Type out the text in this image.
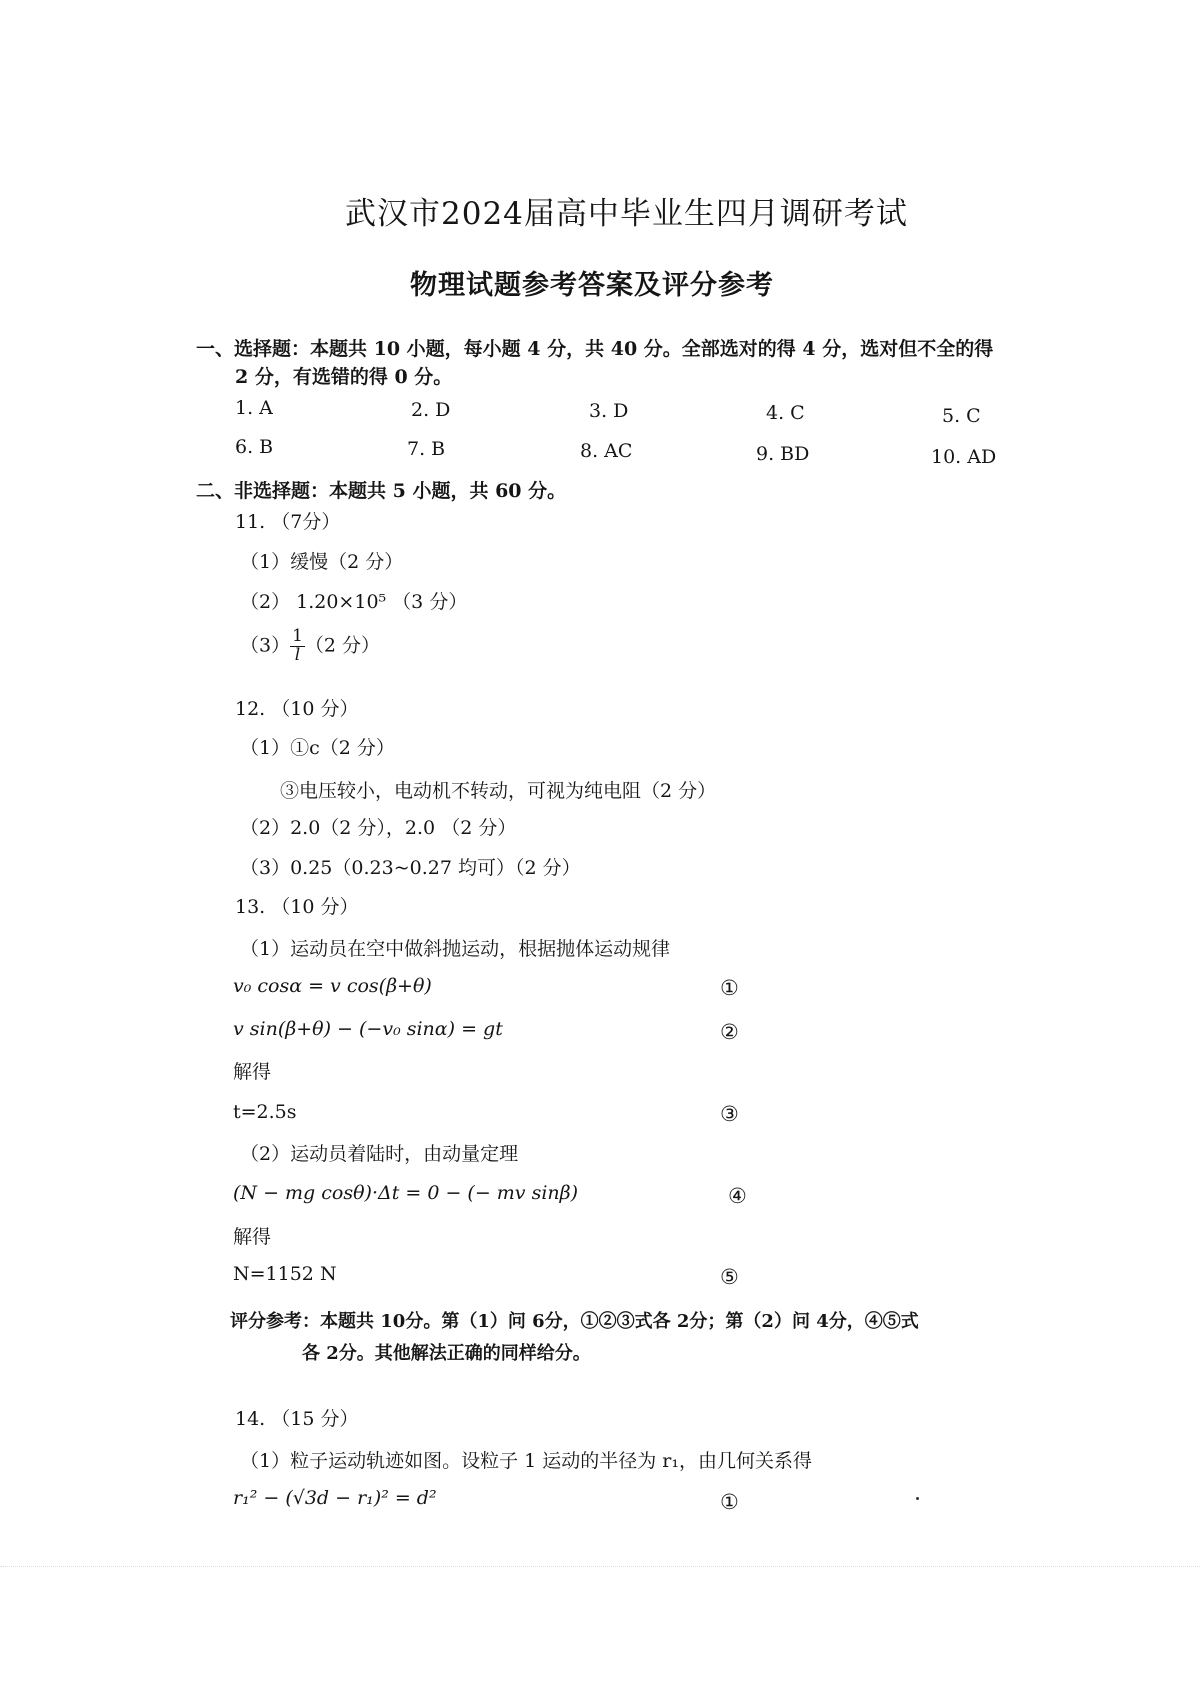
武汉市2024届高中毕业生四月调研考试
物理试题参考答案及评分参考
一、选择题：本题共 10 小题，每小题 4 分，共 40 分。全部选对的得 4 分，选对但不全的得
2 分，有选错的得 0 分。
1. A	2. D	3. D	4. C	5. C
6. B	7. B	8. AC	9. BD	10. AD
二、非选择题：本题共 5 小题，共 60 分。
11. （7分）
（1）缓慢（2 分）
（2） 1.20×10⁵ （3 分）
$(3) \frac{1}{l} (2$ 分）
12. （10 分）
（1）①c（2 分）
③电压较小，电动机不转动，可视为纯电阻（2 分）
（2）2.0（2 分），2.0 （2 分）
（3）0.25（0.23~0.27 均可）（2 分）
13. （10 分）
（1）运动员在空中做斜抛运动，根据抛体运动规律
v₀ cosα = v cos(β+θ)	①
v sin(β+θ) − (−v₀ sinα) = gt	②
解得
t=2.5s	③
（2）运动员着陆时，由动量定理
(N − mg cosθ)·Δt = 0 − (− mv sinβ)	④
解得
N=1152 N	⑤
评分参考：本题共 10分。第（1）问 6分，①②③式各 2分；第（2）问 4分，④⑤式
各 2分。其他解法正确的同样给分。
14. （15 分）
（1）粒子运动轨迹如图。设粒子 1 运动的半径为 r₁，由几何关系得
r₁² − (√3d − r₁)² = d²	①
